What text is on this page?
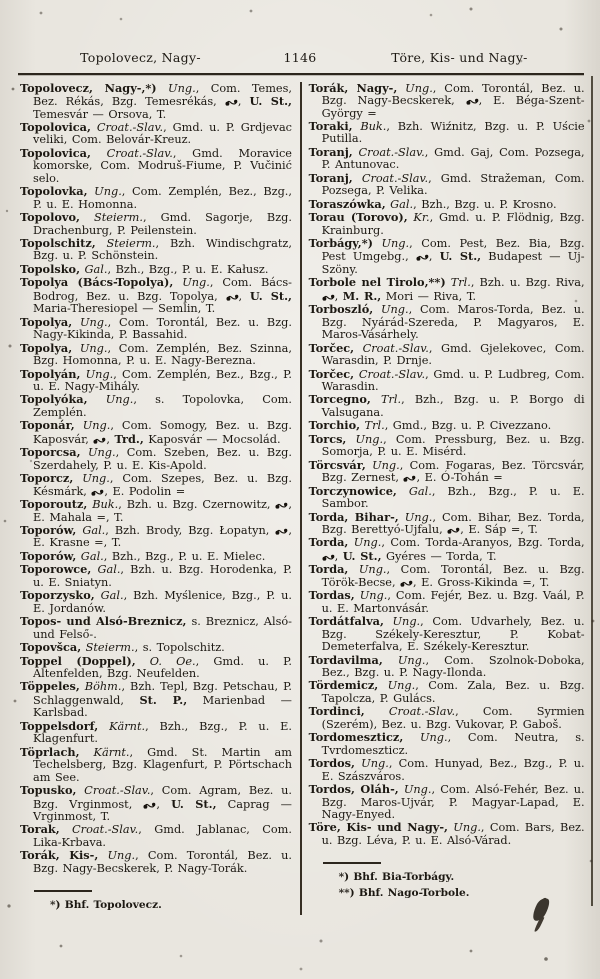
Topolovecz, Nagy-	1146	Töre, Kis- und Nagy-

Topolovecz, Nagy-,*) Ung., Com. Temes, Bez. Rékás, Bzg. Temesrékás, , U. St., Temesvár — Orsova, T.

Topolovica, Croat.-Slav., Gmd. u. P. Grdjevac veliki, Com. Belovár-Kreuz.

Topolovica, Croat.-Slav., Gmd. Moravice komorske, Com. Modruš-Fiume, P. Vučinić selo.

Topolovka, Ung., Com. Zemplén, Bez., Bzg., P. u. E. Homonna.

Topolovo, Steierm., Gmd. Sagorje, Bzg. Drachenburg, P. Peilenstein.

Topolschitz, Steierm., Bzh. Windischgratz, Bzg. u. P. Schönstein.

Topolsko, Gal., Bzh., Bzg., P. u. E. Kałusz.

Topolya (Bács-Topolya), Ung., Com. Bács-Bodrog, Bez. u. Bzg. Topolya, , U. St., Maria-Theresiopel — Semlin, T.

Topolya, Ung., Com. Torontál, Bez. u. Bzg. Nagy-Kikinda, P. Bassahid.

Topolya, Ung., Com. Zemplén, Bez. Szinna, Bzg. Homonna, P. u. E. Nagy-Berezna.

Topolyán, Ung., Com. Zemplén, Bez., Bzg., P. u. E. Nagy-Mihály.

Topolyóka, Ung., s. Topolovka, Com. Zemplén.

Toponár, Ung., Com. Somogy, Bez. u. Bzg. Kaposvár, , Trd., Kaposvár — Mocsolád.

Toporcsa, Ung., Com. Szeben, Bez. u. Bzg. Szerdahely, P. u. E. Kis-Apold.

Toporcz, Ung., Com. Szepes, Bez. u. Bzg. Késmárk, , E. Podolin =

Toporoutz, Buk., Bzh. u. Bzg. Czernowitz, , E. Mahala =, T.

Toporów, Gal., Bzh. Brody, Bzg. Łopatyn, , E. Krasne =, T.

Toporów, Gal., Bzh., Bzg., P. u. E. Mielec.

Toporowce, Gal., Bzh. u. Bzg. Horodenka, P. u. E. Sniatyn.

Toporzysko, Gal., Bzh. Myślenice, Bzg., P. u. E. Jordanów.

Topos- und Alsó-Breznicz, s. Breznicz, Alsó- und Felső-.

Topovšca, Steierm., s. Topolschitz.

Toppel (Doppel), O. Oe., Gmd. u. P. Altenfelden, Bzg. Neufelden.

Töppeles, Böhm., Bzh. Tepl, Bzg. Petschau, P. Schlaggenwald, St. P., Marienbad — Karlsbad.

Toppelsdorf, Kärnt., Bzh., Bzg., P. u. E. Klagenfurt.

Töprlach, Kärnt., Gmd. St. Martin am Techelsberg, Bzg. Klagenfurt, P. Pörtschach am See.

Topusko, Croat.-Slav., Com. Agram, Bez. u. Bzg. Vrginmost, , U. St., Caprag — Vrginmost, T.

Torak, Croat.-Slav., Gmd. Jablanac, Com. Lika-Krbava.

Torák, Kis-, Ung., Com. Torontál, Bez. u. Bzg. Nagy-Becskerek, P. Nagy-Torák.

*) Bhf. Topolovecz.

Torák, Nagy-, Ung., Com. Torontál, Bez. u. Bzg. Nagy-Becskerek, , E. Béga-Szent-György =

Toraki, Buk., Bzh. Wiźnitz, Bzg. u. P. Uście Putilla.

Toranj, Croat.-Slav., Gmd. Gaj, Com. Pozsega, P. Antunovac.

Toranj, Croat.-Slav., Gmd. Stražeman, Com. Pozsega, P. Velika.

Toraszówka, Gal., Bzh., Bzg. u. P. Krosno.

Torau (Torovo), Kr., Gmd. u. P. Flödnig, Bzg. Krainburg.

Torbágy,*) Ung., Com. Pest, Bez. Bia, Bzg. Pest Umgebg., , U. St., Budapest — Uj-Szöny.

Torbole nel Tirolo,**) Trl., Bzh. u. Bzg. Riva, , M. R., Mori — Riva, T.

Torboszló, Ung., Com. Maros-Torda, Bez. u. Bzg. Nyárád-Szereda, P. Magyaros, E. Maros-Vásárhely.

Torčec, Croat.-Slav., Gmd. Gjelekovec, Com. Warasdin, P. Drnje.

Torčec, Croat.-Slav., Gmd. u. P. Ludbreg, Com. Warasdin.

Torcegno, Trl., Bzh., Bzg. u. P. Borgo di Valsugana.

Torchio, Trl., Gmd., Bzg. u. P. Civezzano.

Torcs, Ung., Com. Pressburg, Bez. u. Bzg. Somorja, P. u. E. Misérd.

Törcsvár, Ung., Com. Fogaras, Bez. Törcsvár, Bzg. Zernest, , E. Ó-Tohán =

Torczynowice, Gal., Bzh., Bzg., P. u. E. Sambor.

Torda, Bihar-, Ung., Com. Bihar, Bez. Torda, Bzg. Berettyó-Ujfalu, , E. Sáp =, T.

Torda, Ung., Com. Torda-Aranyos, Bzg. Torda, , U. St., Gyéres — Torda, T.

Torda, Ung., Com. Torontál, Bez. u. Bzg. Török-Becse, , E. Gross-Kikinda =, T.

Tordas, Ung., Com. Fejér, Bez. u. Bzg. Vaál, P. u. E. Martonvásár.

Tordátfalva, Ung., Com. Udvarhely, Bez. u. Bzg. Székely-Keresztur, P. Kobat-Demeterfalva, E. Székely-Keresztur.

Tordavilma, Ung., Com. Szolnok-Doboka, Bez., Bzg. u. P. Nagy-Ilonda.

Tördemicz, Ung., Com. Zala, Bez. u. Bzg. Tapolcza, P. Gulács.

Tordinci, Croat.-Slav., Com. Syrmien (Szerém), Bez. u. Bzg. Vukovar, P. Gaboš.

Tordomeszticz, Ung., Com. Neutra, s. Tvrdomeszticz.

Tordos, Ung., Com. Hunyad, Bez., Bzg., P. u. E. Szászváros.

Tordos, Oláh-, Ung., Com. Alsó-Fehér, Bez. u. Bzg. Maros-Ujvár, P. Magyar-Lapad, E. Nagy-Enyed.

Töre, Kis- und Nagy-, Ung., Com. Bars, Bez. u. Bzg. Léva, P. u. E. Alsó-Várad.

*) Bhf. Bia-Torbágy.

**) Bhf. Nago-Torbole.
